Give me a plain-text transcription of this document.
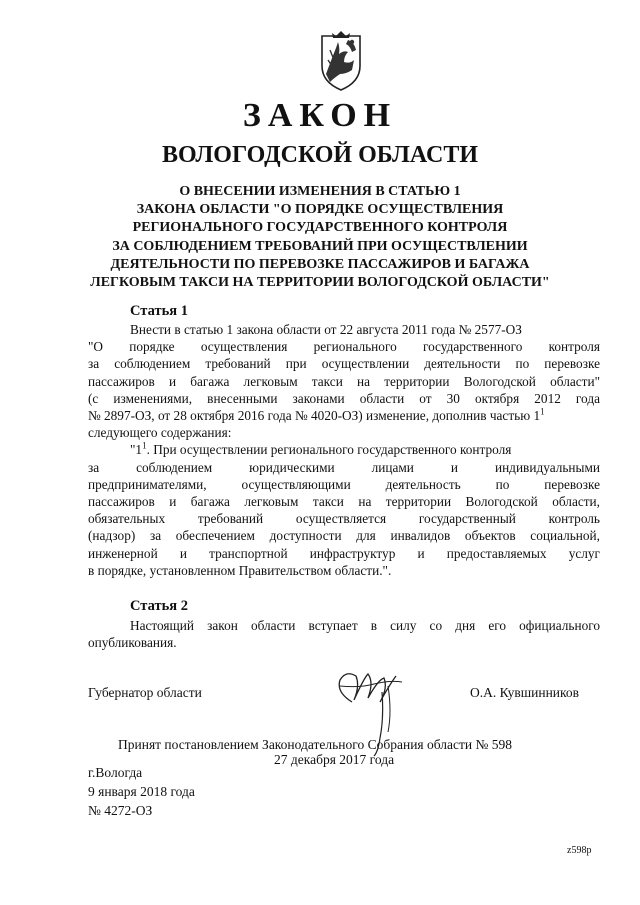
ЗАКОН
ВОЛОГОДСКОЙ ОБЛАСТИ
О ВНЕСЕНИИ ИЗМЕНЕНИЯ В СТАТЬЮ 1
ЗАКОНА ОБЛАСТИ "О ПОРЯДКЕ ОСУЩЕСТВЛЕНИЯ
РЕГИОНАЛЬНОГО ГОСУДАРСТВЕННОГО КОНТРОЛЯ
ЗА СОБЛЮДЕНИЕМ ТРЕБОВАНИЙ ПРИ ОСУЩЕСТВЛЕНИИ
ДЕЯТЕЛЬНОСТИ ПО ПЕРЕВОЗКЕ ПАССАЖИРОВ И БАГАЖА
ЛЕГКОВЫМ ТАКСИ НА ТЕРРИТОРИИ ВОЛОГОДСКОЙ ОБЛАСТИ"
Статья 1
Внести в статью 1 закона области от 22 августа 2011 года № 2577-ОЗ
"О порядке осуществления регионального государственного контроля
за соблюдением требований при осуществлении деятельности по перевозке
пассажиров и багажа легковым такси на территории Вологодской области"
(с изменениями, внесенными законами области от 30 октября 2012 года
№ 2897-ОЗ, от 28 октября 2016 года № 4020-ОЗ) изменение, дополнив частью $1^1$
следующего содержания:
"$1^1$. При осуществлении регионального государственного контроля
за соблюдением юридическими лицами и индивидуальными
предпринимателями, осуществляющими деятельность по перевозке
пассажиров и багажа легковым такси на территории Вологодской области,
обязательных требований осуществляется государственный контроль
(надзор) за обеспечением доступности для инвалидов объектов социальной,
инженерной и транспортной инфраструктур и предоставляемых услуг
в порядке, установленном Правительством области.".
Статья 2
Настоящий закон области вступает в силу со дня его официального
опубликования.
Губернатор области	О.А. Кувшинников
Принят постановлением Законодательного Собрания области № 598
27 декабря 2017 года
г.Вологда
9 января 2018 года
№ 4272-ОЗ
z598p
